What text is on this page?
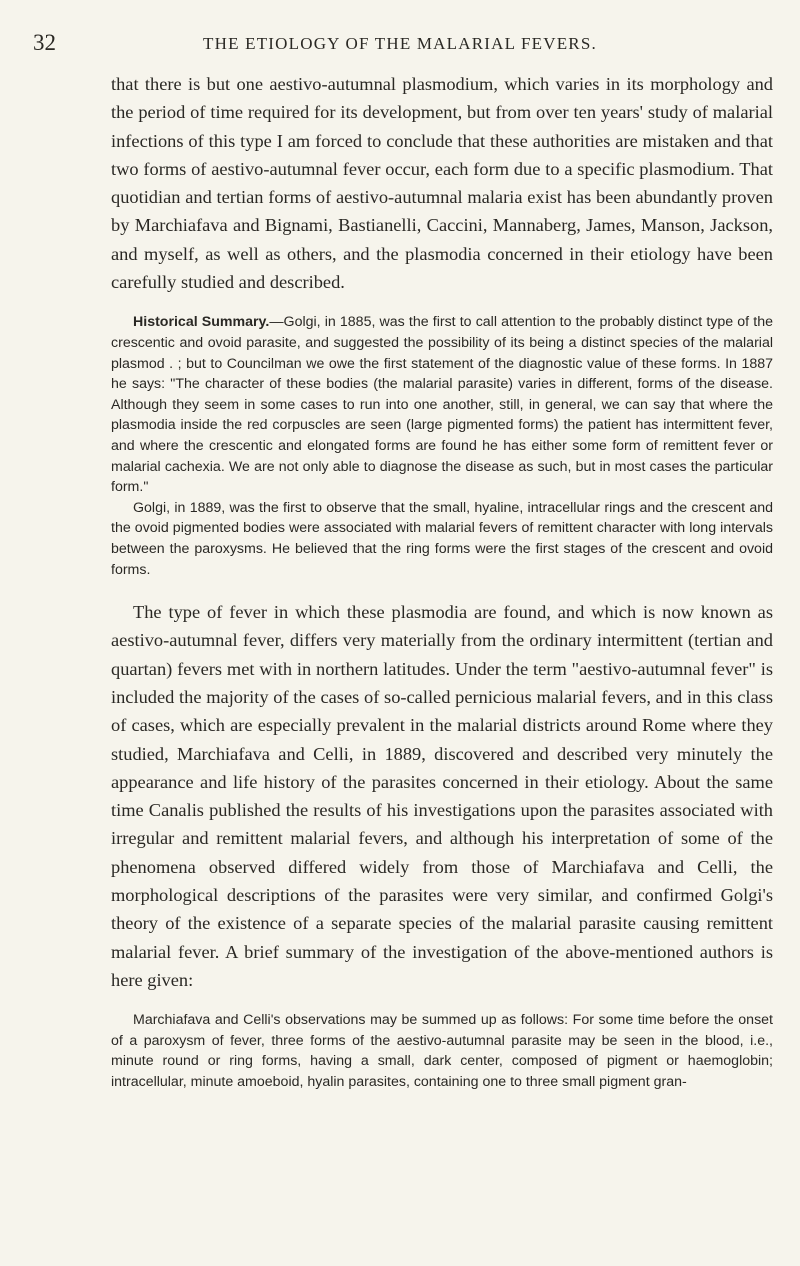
32	THE ETIOLOGY OF THE MALARIAL FEVERS.

that there is but one aestivo-autumnal plasmodium, which varies in its morphology and the period of time required for its development, but from over ten years' study of malarial infections of this type I am forced to conclude that these authorities are mistaken and that two forms of aestivo-autumnal fever occur, each form due to a specific plasmodium. That quotidian and tertian forms of aestivo-autumnal malaria exist has been abundantly proven by Marchiafava and Bignami, Bastianelli, Caccini, Mannaberg, James, Manson, Jackson, and myself, as well as others, and the plasmodia concerned in their etiology have been carefully studied and described.

Historical Summary.—Golgi, in 1885, was the first to call attention to the probably distinct type of the crescentic and ovoid parasite, and suggested the possibility of its being a distinct species of the malarial plasmod . ; but to Councilman we owe the first statement of the diagnostic value of these forms. In 1887 he says: "The character of these bodies (the malarial parasite) varies in different, forms of the disease. Although they seem in some cases to run into one another, still, in general, we can say that where the plasmodia inside the red corpuscles are seen (large pigmented forms) the patient has intermittent fever, and where the crescentic and elongated forms are found he has either some form of remittent fever or malarial cachexia. We are not only able to diagnose the disease as such, but in most cases the particular form."

Golgi, in 1889, was the first to observe that the small, hyaline, intracellular rings and the crescent and the ovoid pigmented bodies were associated with malarial fevers of remittent character with long intervals between the paroxysms. He believed that the ring forms were the first stages of the crescent and ovoid forms.

The type of fever in which these plasmodia are found, and which is now known as aestivo-autumnal fever, differs very materially from the ordinary intermittent (tertian and quartan) fevers met with in northern latitudes. Under the term "aestivo-autumnal fever" is included the majority of the cases of so-called pernicious malarial fevers, and in this class of cases, which are especially prevalent in the malarial districts around Rome where they studied, Marchiafava and Celli, in 1889, discovered and described very minutely the appearance and life history of the parasites concerned in their etiology. About the same time Canalis published the results of his investigations upon the parasites associated with irregular and remittent malarial fevers, and although his interpretation of some of the phenomena observed differed widely from those of Marchiafava and Celli, the morphological descriptions of the parasites were very similar, and confirmed Golgi's theory of the existence of a separate species of the malarial parasite causing remittent malarial fever. A brief summary of the investigation of the above-mentioned authors is here given:

Marchiafava and Celli's observations may be summed up as follows: For some time before the onset of a paroxysm of fever, three forms of the aestivo-autumnal parasite may be seen in the blood, i.e., minute round or ring forms, having a small, dark center, composed of pigment or haemoglobin; intracellular, minute amoeboid, hyalin parasites, containing one to three small pigment gran-
